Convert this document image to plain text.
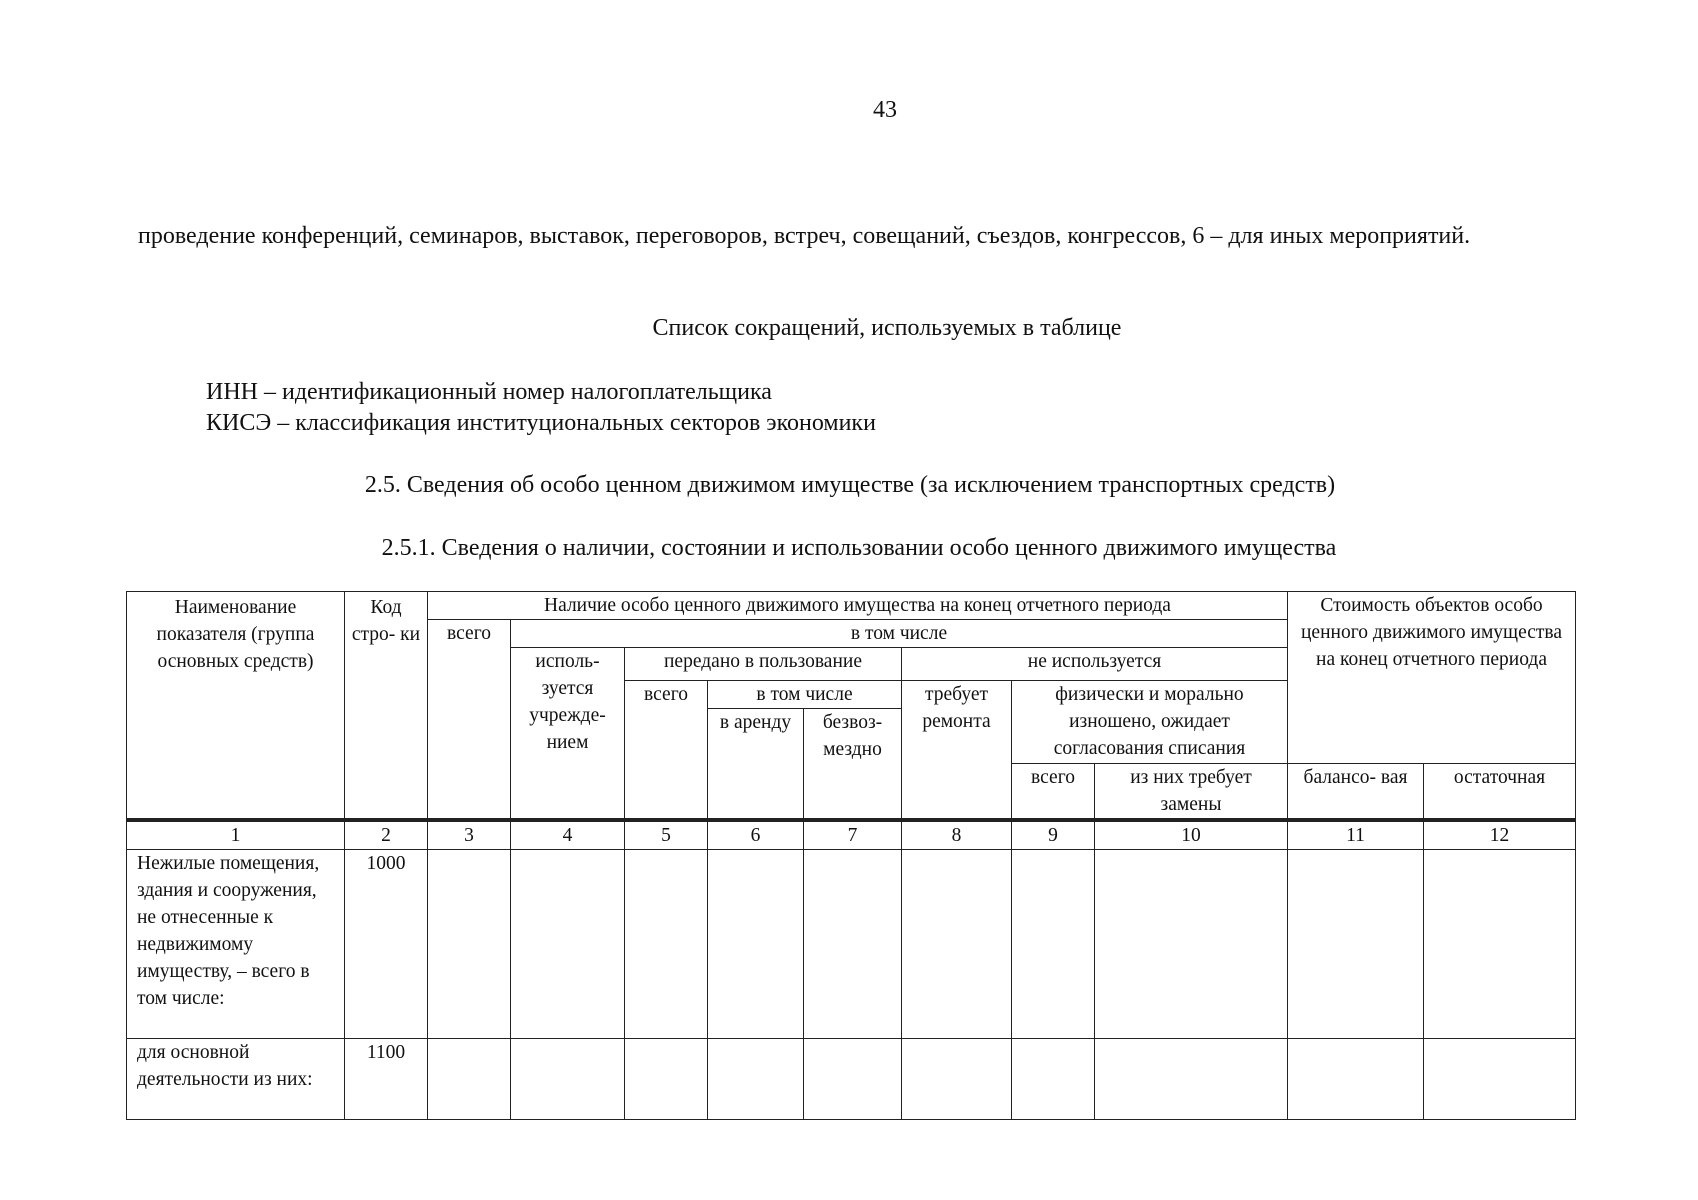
43
проведение конференций, семинаров, выставок, переговоров, встреч, совещаний, съездов, конгрессов, 6 – для иных мероприятий.
Список сокращений, используемых в таблице
ИНН – идентификационный номер налогоплательщика
КИСЭ – классификация институциональных секторов экономики
2.5. Сведения об особо ценном движимом имуществе (за исключением транспортных средств)
2.5.1. Сведения о наличии, состоянии и использовании особо ценного движимого имущества
Наименование показателя (группа основных средств)	Код стро- ки	Наличие особо ценного движимого имущества на конец отчетного периода								Стоимость объектов особо ценного движимого имущества на конец отчетного периода	
		всего	в том числе								
			исполь- зуется учрежде- нием	передано в пользование			не используется				
				всего	в том числе		требует ремонта	физически и морально изношено, ожидает согласования списания			
					в аренду	безвоз- мездно					
								всего	из них требует замены	балансо- вая	остаточная
1	2	3	4	5	6	7	8	9	10	11	12
Нежилые помещения, здания и сооружения, не отнесенные к недвижимому имуществу, – всего в том числе:	1000										
для основной деятельности из них:	1100										
